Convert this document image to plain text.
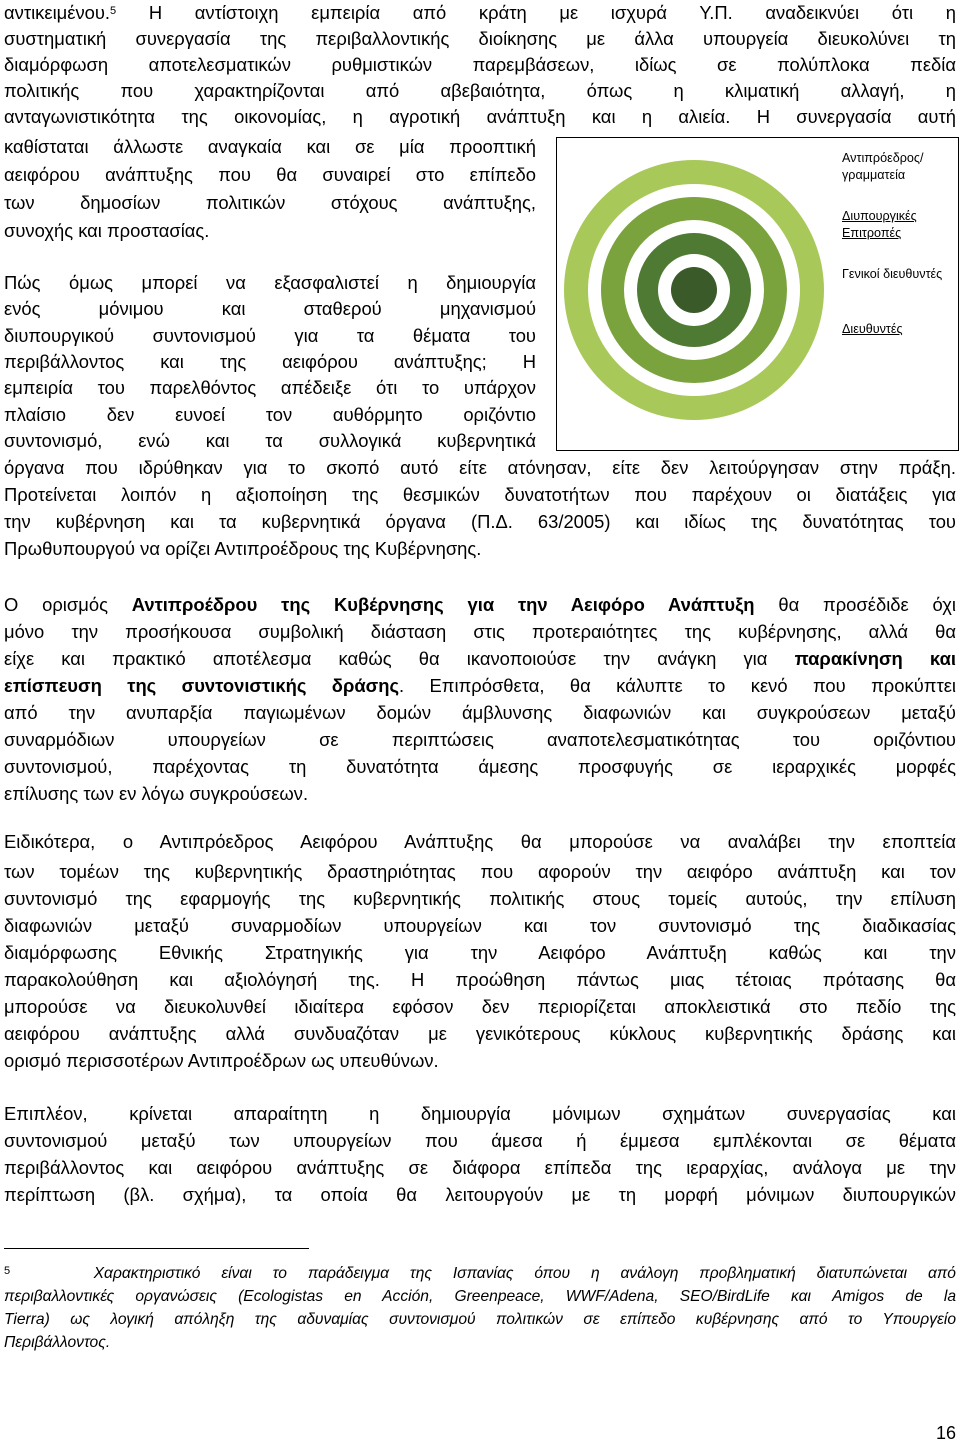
αντικειμένου.$^5$ Η αντίστοιχη εμπειρία από κράτη με ισχυρά Υ.Π. αναδεικνύει ότι η
συστηματική συνεργασία της περιβαλλοντικής διοίκησης με άλλα υπουργεία διευκολύνει τη
διαμόρφωση αποτελεσματικών ρυθμιστικών παρεμβάσεων, ιδίως σε πολύπλοκα πεδία
πολιτικής που χαρακτηρίζονται από αβεβαιότητα, όπως η κλιματική αλλαγή, η
ανταγωνιστικότητα της οικονομίας, η αγροτική ανάπτυξη και η αλιεία. Η συνεργασία αυτή
καθίσταται άλλωστε αναγκαία και σε μία προοπτική
αειφόρου ανάπτυξης που θα συναιρεί στο επίπεδο
των δημοσίων πολιτικών στόχους ανάπτυξης,
συνοχής και προστασίας.
Πώς όμως μπορεί να εξασφαλιστεί η δημιουργία
ενός μόνιμου και σταθερού μηχανισμού
διυπουργικού συντονισμού για τα θέματα του
περιβάλλοντος και της αειφόρου ανάπτυξης; Η
εμπειρία του παρελθόντος απέδειξε ότι το υπάρχον
πλαίσιο δεν ευνοεί τον αυθόρμητο οριζόντιο
συντονισμό, ενώ και τα συλλογικά κυβερνητικά
όργανα που ιδρύθηκαν για το σκοπό αυτό είτε ατόνησαν, είτε δεν λειτούργησαν στην πράξη.
Προτείνεται λοιπόν η αξιοποίηση της θεσμικών δυνατοτήτων που παρέχουν οι διατάξεις για
την κυβέρνηση και τα κυβερνητικά όργανα (Π.Δ. 63/2005) και ιδίως της δυνατότητας του
Πρωθυπουργού να ορίζει Αντιπροέδρους της Κυβέρνησης.
Ο ορισμός Αντιπροέδρου της Κυβέρνησης για την Αειφόρο Ανάπτυξη θα προσέδιδε όχι
μόνο την προσήκουσα συμβολική διάσταση στις προτεραιότητες της κυβέρνησης, αλλά θα
είχε και πρακτικό αποτέλεσμα καθώς θα ικανοποιούσε την ανάγκη για παρακίνηση και
επίσπευση της συντονιστικής δράσης. Επιπρόσθετα, θα κάλυπτε το κενό που προκύπτει
από την ανυπαρξία παγιωμένων δομών άμβλυνσης διαφωνιών και συγκρούσεων μεταξύ
συναρμόδιων υπουργείων σε περιπτώσεις αναποτελεσματικότητας του οριζόντιου
συντονισμού, παρέχοντας τη δυνατότητα άμεσης προσφυγής σε ιεραρχικές μορφές
επίλυσης των εν λόγω συγκρούσεων.
Ειδικότερα, ο Αντιπρόεδρος Αειφόρου Ανάπτυξης θα μπορούσε να αναλάβει την εποπτεία
των τομέων της κυβερνητικής δραστηριότητας που αφορούν την αειφόρο ανάπτυξη και τον
συντονισμό της εφαρμογής της κυβερνητικής πολιτικής στους τομείς αυτούς, την επίλυση
διαφωνιών μεταξύ συναρμοδίων υπουργείων και τον συντονισμό της διαδικασίας
διαμόρφωσης Εθνικής Στρατηγικής για την Αειφόρο Ανάπτυξη καθώς και την
παρακολούθηση και αξιολόγησή της. Η προώθηση πάντως μιας τέτοιας πρότασης θα
μπορούσε να διευκολυνθεί ιδιαίτερα εφόσον δεν περιορίζεται αποκλειστικά στο πεδίο της
αειφόρου ανάπτυξης αλλά συνδυαζόταν με γενικότερους κύκλους κυβερνητικής δράσης και
ορισμό περισσοτέρων Αντιπροέδρων ως υπευθύνων.
Επιπλέον, κρίνεται απαραίτητη η δημιουργία μόνιμων σχημάτων συνεργασίας και
συντονισμού μεταξύ των υπουργείων που άμεσα ή έμμεσα εμπλέκονται σε θέματα
περιβάλλοντος και αειφόρου ανάπτυξης σε διάφορα επίπεδα της ιεραρχίας, ανάλογα με την
περίπτωση (βλ. σχήμα), τα οποία θα λειτουργούν με τη μορφή μόνιμων διυπουργικών
Αντιπρόεδρος/ γραμματεία
Διυπουργικές Επιτροπές
Γενικοί διευθυντές
Διευθυντές
$^5$	Χαρακτηριστικό είναι το παράδειγμα της Ισπανίας όπου η ανάλογη προβληματική διατυπώνεται από
περιβαλλοντικές οργανώσεις (Ecologistas en Acción, Greenpeace, WWF/Adena, SEO/BirdLife και Amigos de la
Tierra) ως λογική απόληξη της αδυναμίας συντονισμού πολιτικών σε επίπεδο κυβέρνησης από το Υπουργείο
Περιβάλλοντος.
16
